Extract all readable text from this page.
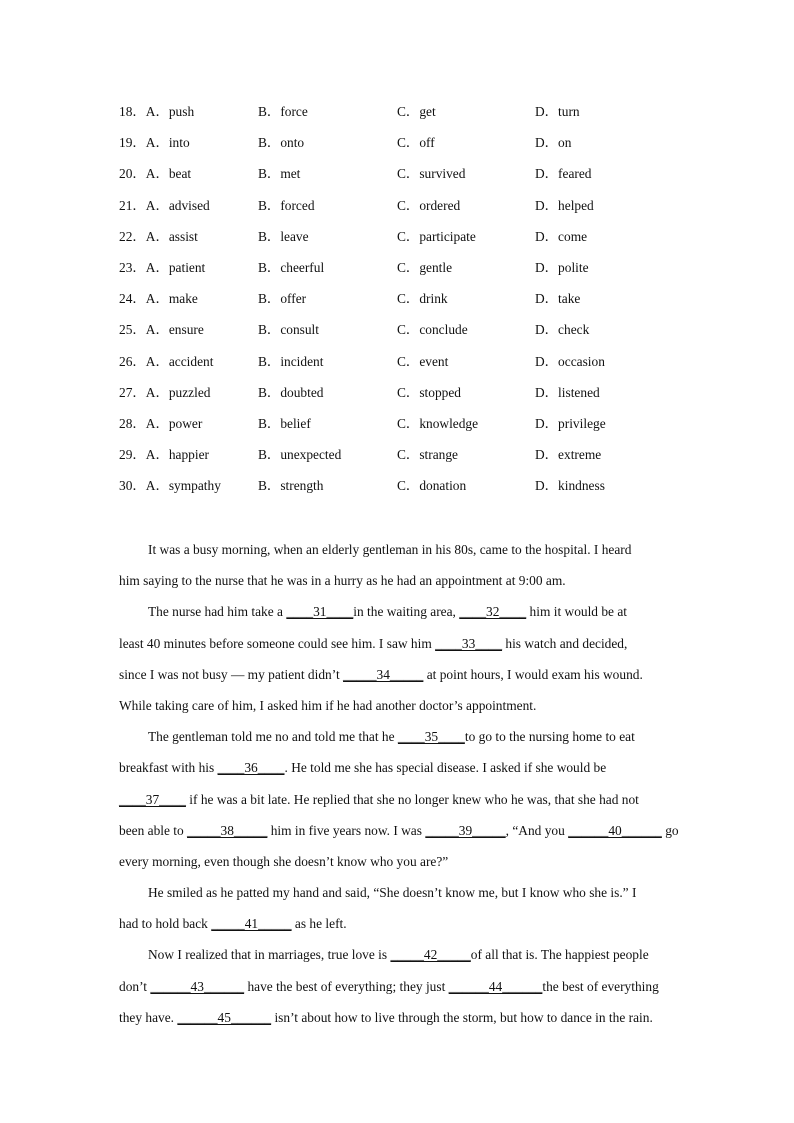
18．A．push	B．force	C．get	D．turn
19．A．into	B．onto	C．off	D．on
20．A．beat	B．met	C．survived	D．feared
21．A．advised	B．forced	C．ordered	D．helped
22．A．assist	B．leave	C．participate	D．come
23．A．patient	B．cheerful	C．gentle	D．polite
24．A．make	B．offer	C．drink	D．take
25．A．ensure	B．consult	C．conclude	D．check
26．A．accident	B．incident	C．event	D．occasion
27．A．puzzled	B．doubted	C．stopped	D．listened
28．A．power	B．belief	C．knowledge	D．privilege
29．A．happier	B．unexpected	C．strange	D．extreme
30．A．sympathy	B．strength	C．donation	D．kindness
It was a busy morning, when an elderly gentleman in his 80s, came to the hospital. I heard
him saying to the nurse that he was in a hurry as he had an appointment at 9:00 am.
The nurse had him take a ____31____in the waiting area, ____32____ him it would be at
least 40 minutes before someone could see him. I saw him ____33____ his watch and decided,
since I was not busy — my patient didn’t _____34_____ at point hours, I would exam his wound.
While taking care of him, I asked him if he had another doctor’s appointment.
The gentleman told me no and told me that he ____35____to go to the nursing home to eat
breakfast with his ____36____. He told me she has special disease. I asked if she would be
____37____ if he was a bit late. He replied that she no longer knew who he was, that she had not
been able to _____38_____ him in five years now. I was _____39_____, “And you ______40______ go
every morning, even though she doesn’t know who you are?”
He smiled as he patted my hand and said, “She doesn’t know me, but I know who she is.” I
had to hold back _____41_____ as he left.
Now I realized that in marriages, true love is _____42_____of all that is. The happiest people
don’t ______43______ have the best of everything; they just ______44______the best of everything
they have. ______45______ isn’t about how to live through the storm, but how to dance in the rain.
